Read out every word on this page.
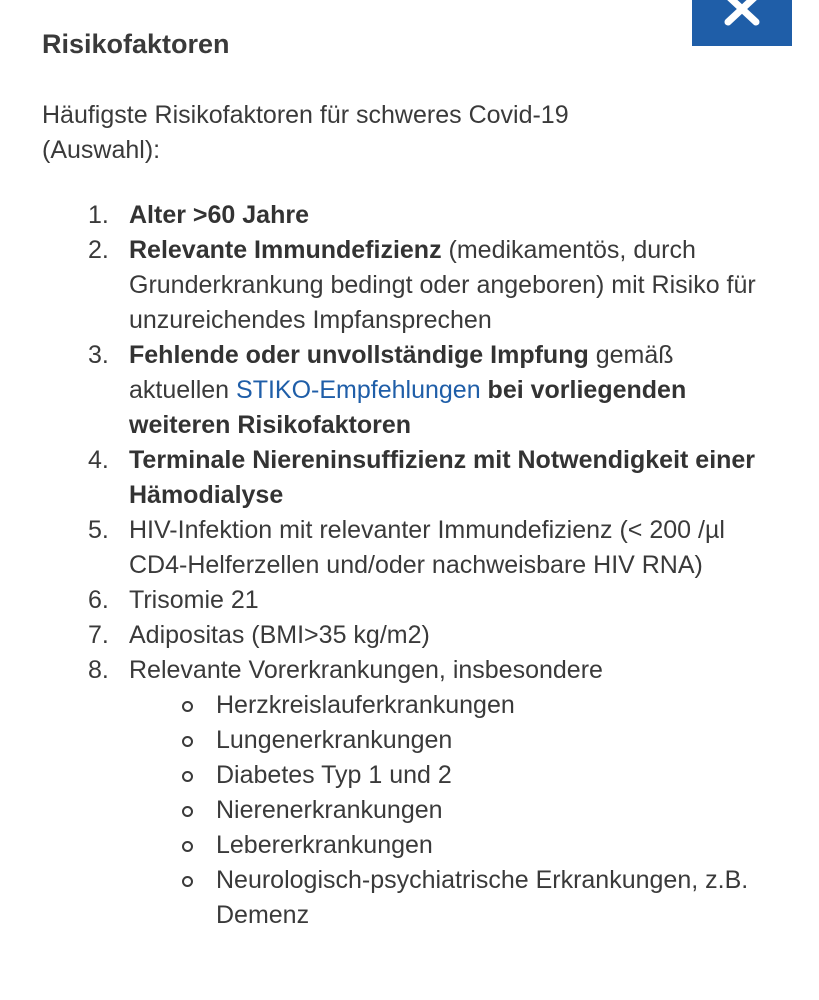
Risikofaktoren

Häufigste Risikofaktoren für schweres Covid-19 (Auswahl):

1. Alter >60 Jahre
2. Relevante Immundefizienz (medikamentös, durch Grunderkrankung bedingt oder angeboren) mit Risiko für unzureichendes Impfansprechen
3. Fehlende oder unvollständige Impfung gemäß aktuellen STIKO-Empfehlungen bei vorliegenden weiteren Risikofaktoren
4. Terminale Niereninsuffizienz mit Notwendigkeit einer Hämodialyse
5. HIV-Infektion mit relevanter Immundefizienz (< 200 /µl CD4-Helferzellen und/oder nachweisbare HIV RNA)
6. Trisomie 21
7. Adipositas (BMI>35 kg/m2)
8. Relevante Vorerkrankungen, insbesondere
Herzkreislauferkrankungen
Lungenerkrankungen
Diabetes Typ 1 und 2
Nierenerkrankungen
Lebererkrankungen
Neurologisch-psychiatrische Erkrankungen, z.B. Demenz
